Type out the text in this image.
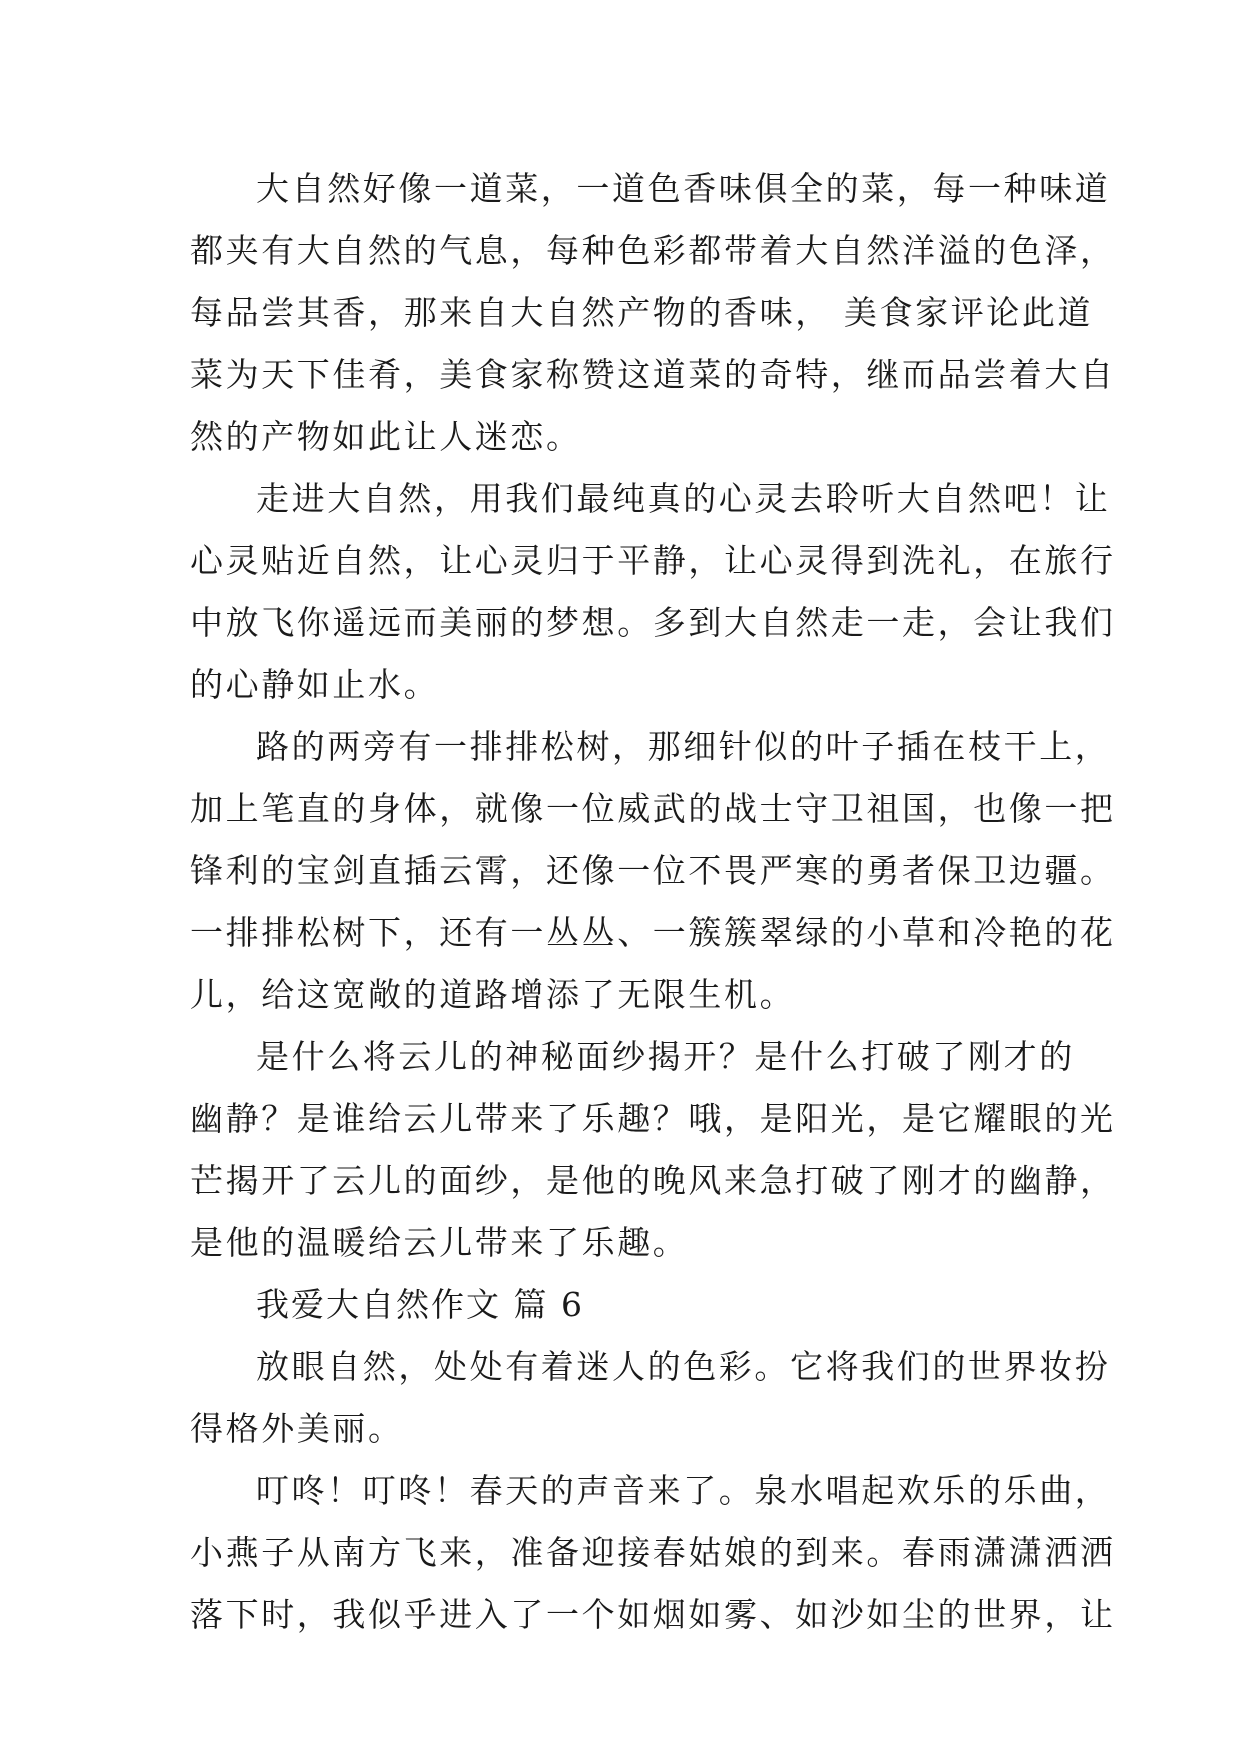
大自然好像一道菜，一道色香味俱全的菜，每一种味道
都夹有大自然的气息，每种色彩都带着大自然洋溢的色泽，
每品尝其香，那来自大自然产物的香味， 美食家评论此道
菜为天下佳肴，美食家称赞这道菜的奇特，继而品尝着大自
然的产物如此让人迷恋。
走进大自然，用我们最纯真的心灵去聆听大自然吧！让
心灵贴近自然，让心灵归于平静，让心灵得到洗礼，在旅行
中放飞你遥远而美丽的梦想。多到大自然走一走，会让我们
的心静如止水。
路的两旁有一排排松树，那细针似的叶子插在枝干上，
加上笔直的身体，就像一位威武的战士守卫祖国，也像一把
锋利的宝剑直插云霄，还像一位不畏严寒的勇者保卫边疆。
一排排松树下，还有一丛丛、一簇簇翠绿的小草和冷艳的花
儿，给这宽敞的道路增添了无限生机。
是什么将云儿的神秘面纱揭开？是什么打破了刚才的
幽静？是谁给云儿带来了乐趣？哦，是阳光，是它耀眼的光
芒揭开了云儿的面纱，是他的晚风来急打破了刚才的幽静，
是他的温暖给云儿带来了乐趣。
我爱大自然作文 篇 6
放眼自然，处处有着迷人的色彩。它将我们的世界妆扮
得格外美丽。
叮咚！叮咚！春天的声音来了。泉水唱起欢乐的乐曲，
小燕子从南方飞来，准备迎接春姑娘的到来。春雨潇潇洒洒
落下时，我似乎进入了一个如烟如雾、如沙如尘的世界，让
